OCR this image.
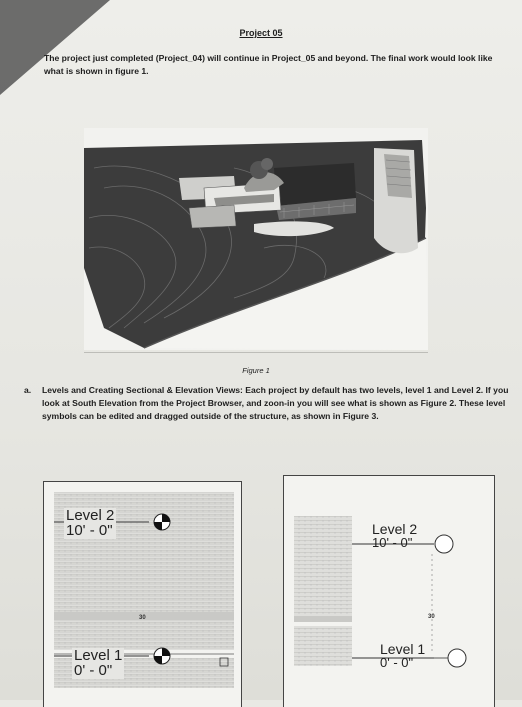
Project 05
The project just completed (Project_04) will continue in Project_05 and beyond. The final work would look like what is shown in figure 1.
Figure 1
a. Levels and Creating Sectional & Elevation Views: Each project by default has two levels, level 1 and Level 2. If you look at South Elevation from the Project Browser, and zoon-in you will see what is shown as Figure 2. These level symbols can be edited and dragged outside of the structure, as shown in Figure 3.
Level 2
10' - 0"
30
Level 1
0' - 0"
Level 2
10' - 0"
30
Level 1
0' - 0"
